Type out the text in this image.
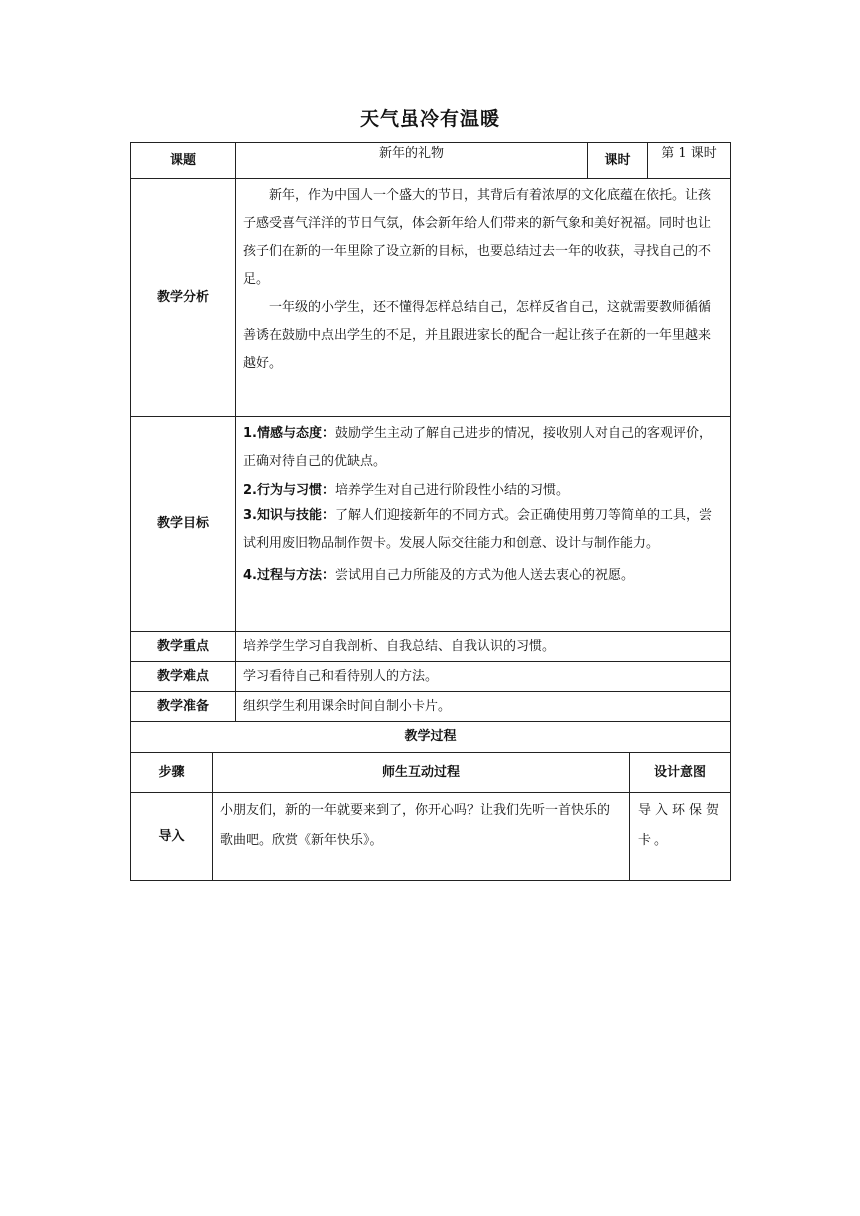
天气虽冷有温暖
课题	新年的礼物	课时	第 1 课时
教学分析	新年，作为中国人一个盛大的节日，其背后有着浓厚的文化底蕴在依托。让孩子感受喜气洋洋的节日气氛，体会新年给人们带来的新气象和美好祝福。同时也让孩子们在新的一年里除了设立新的目标，也要总结过去一年的收获，寻找自己的不足。

一年级的小学生，还不懂得怎样总结自己，怎样反省自己，这就需要教师循循善诱在鼓励中点出学生的不足，并且跟进家长的配合一起让孩子在新的一年里越来越好。		

教学目标	1.情感与态度：鼓励学生主动了解自己进步的情况，接收别人对自己的客观评价，正确对待自己的优缺点。

2.行为与习惯：培养学生对自己进行阶段性小结的习惯。

3.知识与技能：了解人们迎接新年的不同方式。会正确使用剪刀等简单的工具，尝试利用废旧物品制作贺卡。发展人际交往能力和创意、设计与制作能力。

4.过程与方法：尝试用自己力所能及的方式为他人送去衷心的祝愿。		

教学重点	培养学生学习自我剖析、自我总结、自我认识的习惯。		
教学难点	学习看待自己和看待别人的方法。		
教学准备	组织学生利用课余时间自制小卡片。		
教学过程		
步骤	师生互动过程	设计意图
导入	小朋友们，新的一年就要来到了，你开心吗？让我们先听一首快乐的歌曲吧。欣赏《新年快乐》。	导入环保贺卡。
